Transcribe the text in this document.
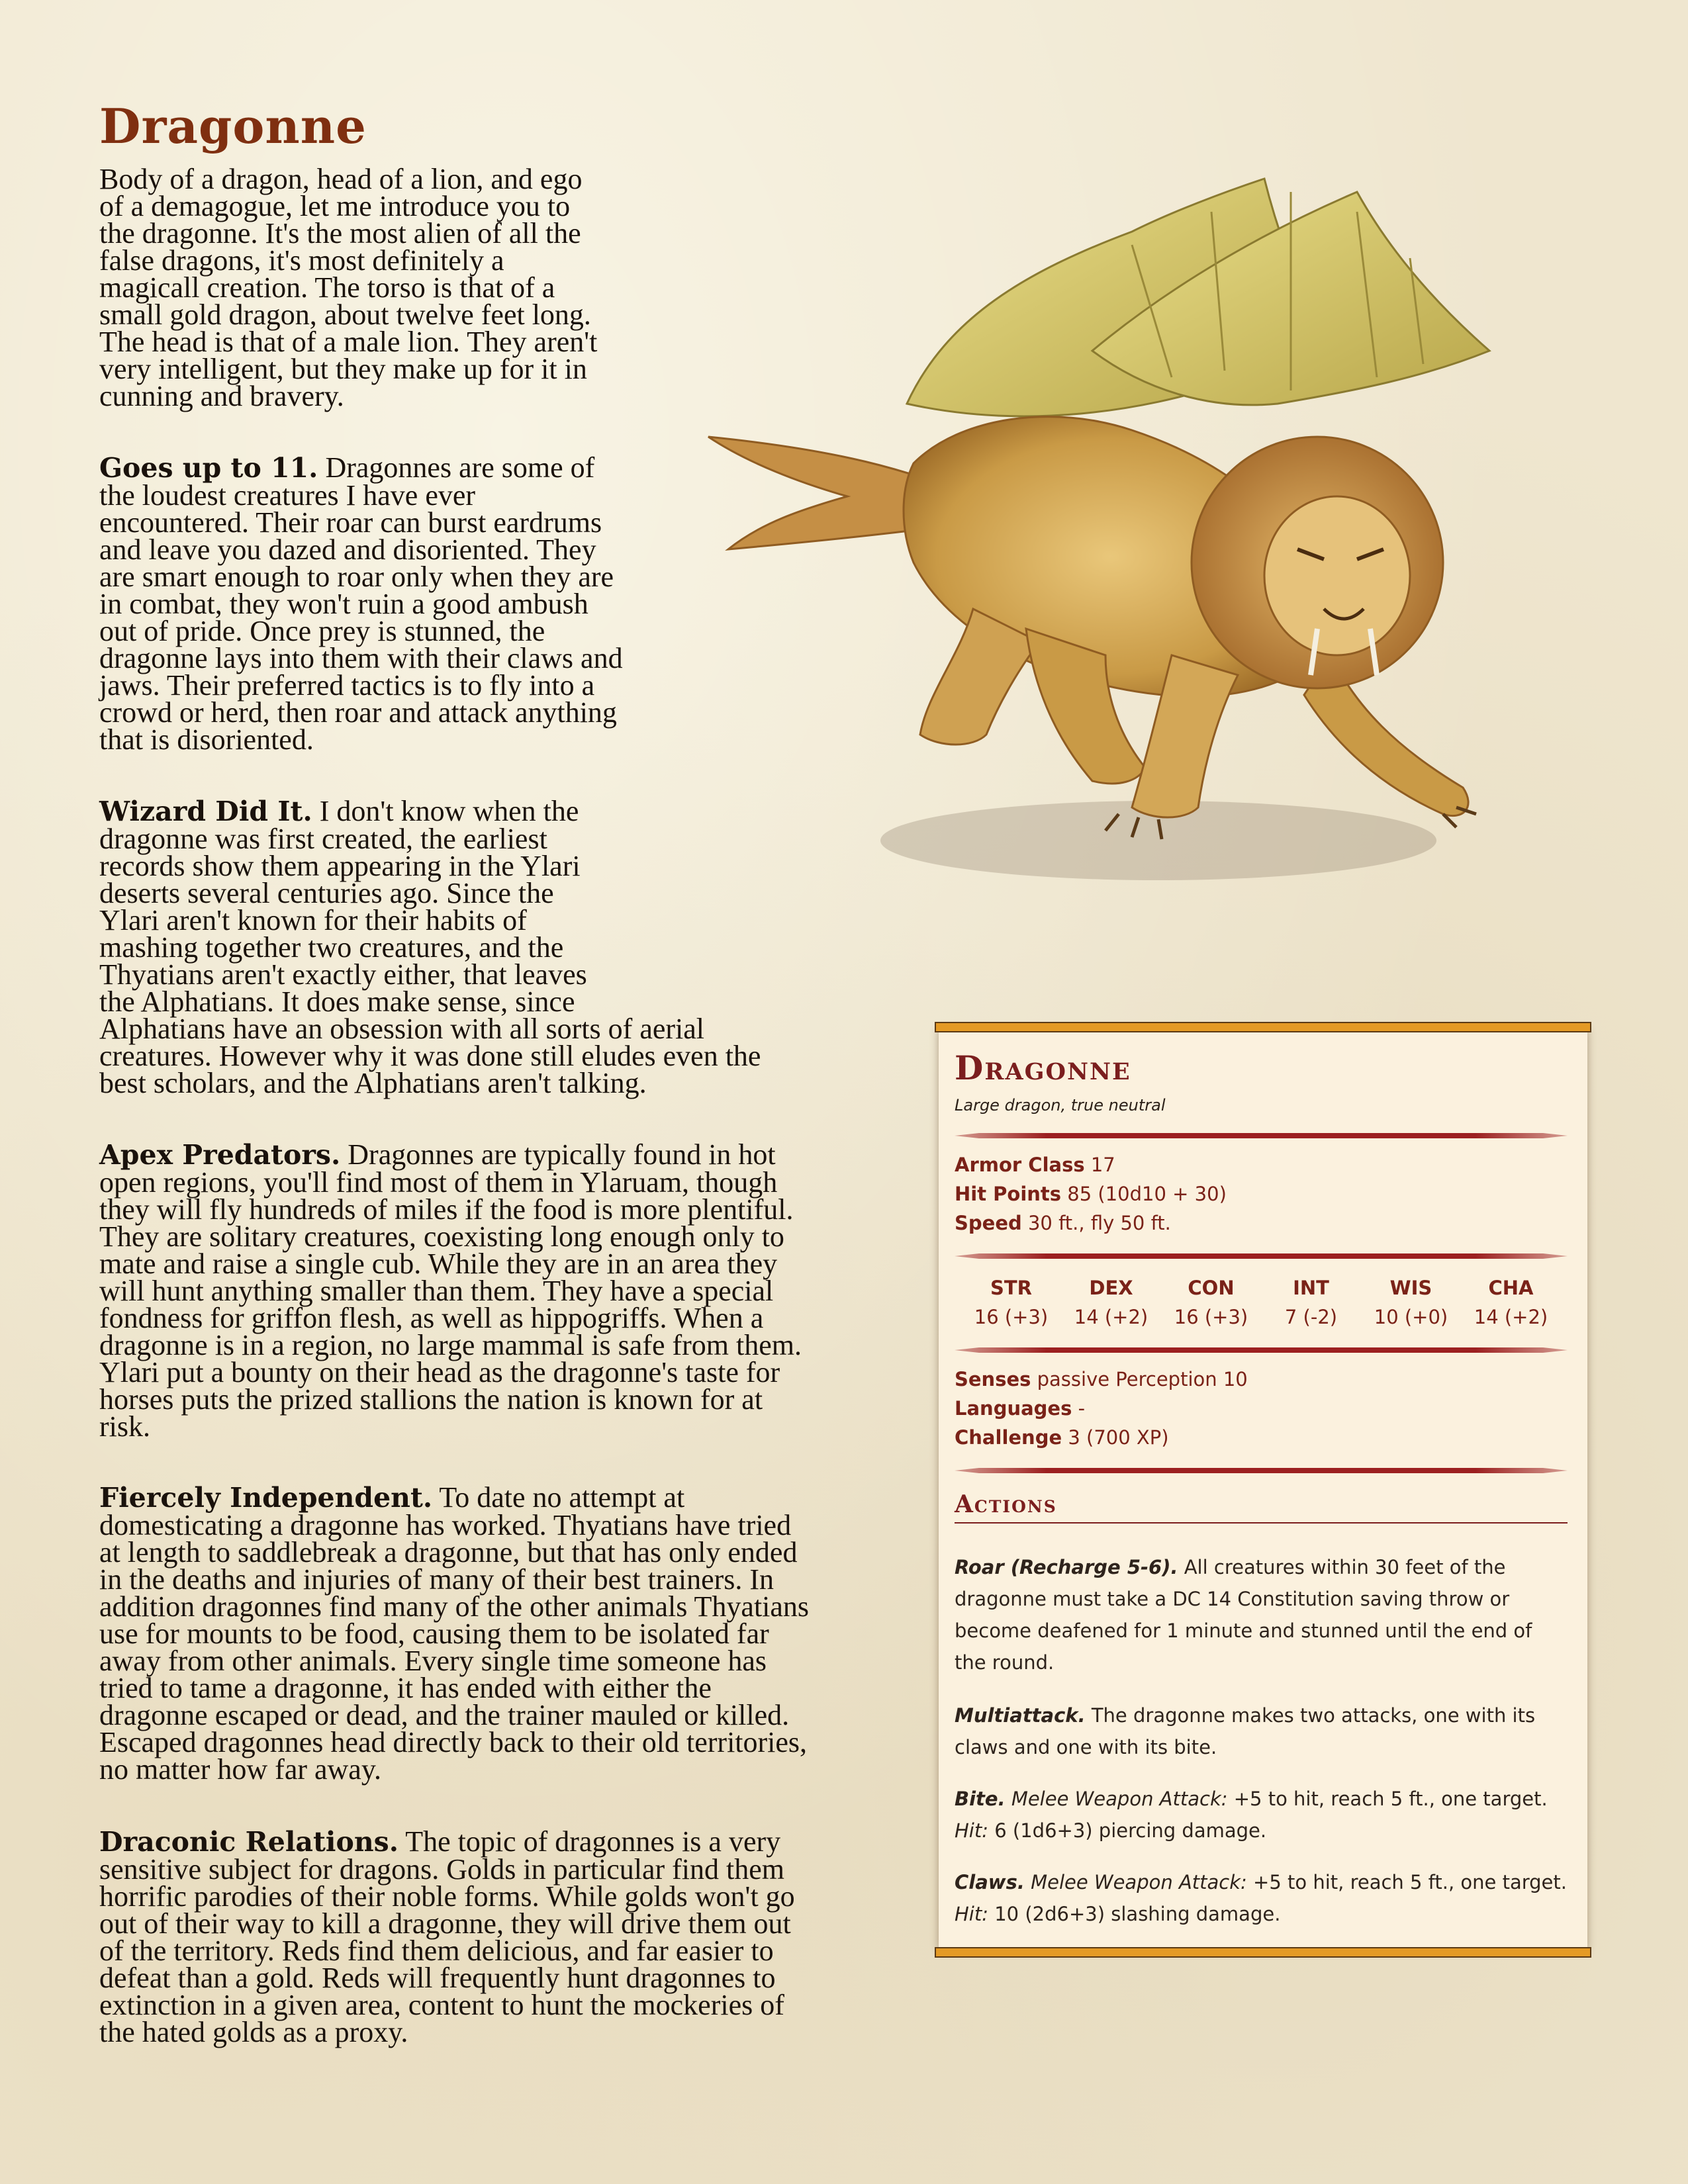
Dragonne

Body of a dragon, head of a lion, and ego of a demagogue, let me introduce you to the dragonne. It's the most alien of all the false dragons, it's most definitely a magicall creation. The torso is that of a small gold dragon, about twelve feet long. The head is that of a male lion. They aren't very intelligent, but they make up for it in cunning and bravery.

Goes up to 11. Dragonnes are some of the loudest creatures I have ever encountered. Their roar can burst eardrums and leave you dazed and disoriented. They are smart enough to roar only when they are in combat, they won't ruin a good ambush out of pride. Once prey is stunned, the dragonne lays into them with their claws and jaws. Their preferred tactics is to fly into a crowd or herd, then roar and attack anything that is disoriented.

Wizard Did It. I don't know when the dragonne was first created, the earliest records show them appearing in the Ylari deserts several centuries ago. Since the Ylari aren't known for their habits of mashing together two creatures, and the Thyatians aren't exactly either, that leaves the Alphatians. It does make sense, since Alphatians have an obsession with all sorts of aerial creatures. However why it was done still eludes even the best scholars, and the Alphatians aren't talking.

Apex Predators. Dragonnes are typically found in hot open regions, you'll find most of them in Ylaruam, though they will fly hundreds of miles if the food is more plentiful. They are solitary creatures, coexisting long enough only to mate and raise a single cub. While they are in an area they will hunt anything smaller than them. They have a special fondness for griffon flesh, as well as hippogriffs. When a dragonne is in a region, no large mammal is safe from them. Ylari put a bounty on their head as the dragonne's taste for horses puts the prized stallions the nation is known for at risk.

Fiercely Independent. To date no attempt at domesticating a dragonne has worked. Thyatians have tried at length to saddlebreak a dragonne, but that has only ended in the deaths and injuries of many of their best trainers. In addition dragonnes find many of the other animals Thyatians use for mounts to be food, causing them to be isolated far away from other animals. Every single time someone has tried to tame a dragonne, it has ended with either the dragonne escaped or dead, and the trainer mauled or killed. Escaped dragonnes head directly back to their old territories, no matter how far away.

Draconic Relations. The topic of dragonnes is a very sensitive subject for dragons. Golds in particular find them horrific parodies of their noble forms. While golds won't go out of their way to kill a dragonne, they will drive them out of the territory. Reds find them delicious, and far easier to defeat than a gold. Reds will frequently hunt dragonnes to extinction in a given area, content to hunt the mockeries of the hated golds as a proxy.

Dragonne
Large dragon, true neutral
Armor Class 17
Hit Points 85 (10d10 + 30)
Speed 30 ft., fly 50 ft.
STR
16 (+3)
DEX
14 (+2)
CON
16 (+3)
INT
7 (-2)
WIS
10 (+0)
CHA
14 (+2)
Senses passive Perception 10
Languages -
Challenge 3 (700 XP)
Actions

Roar (Recharge 5-6). All creatures within 30 feet of the dragonne must take a DC 14 Constitution saving throw or become deafened for 1 minute and stunned until the end of the round.

Multiattack. The dragonne makes two attacks, one with its claws and one with its bite.

Bite. Melee Weapon Attack: +5 to hit, reach 5 ft., one target. Hit: 6 (1d6+3) piercing damage.

Claws. Melee Weapon Attack: +5 to hit, reach 5 ft., one target. Hit: 10 (2d6+3) slashing damage.
